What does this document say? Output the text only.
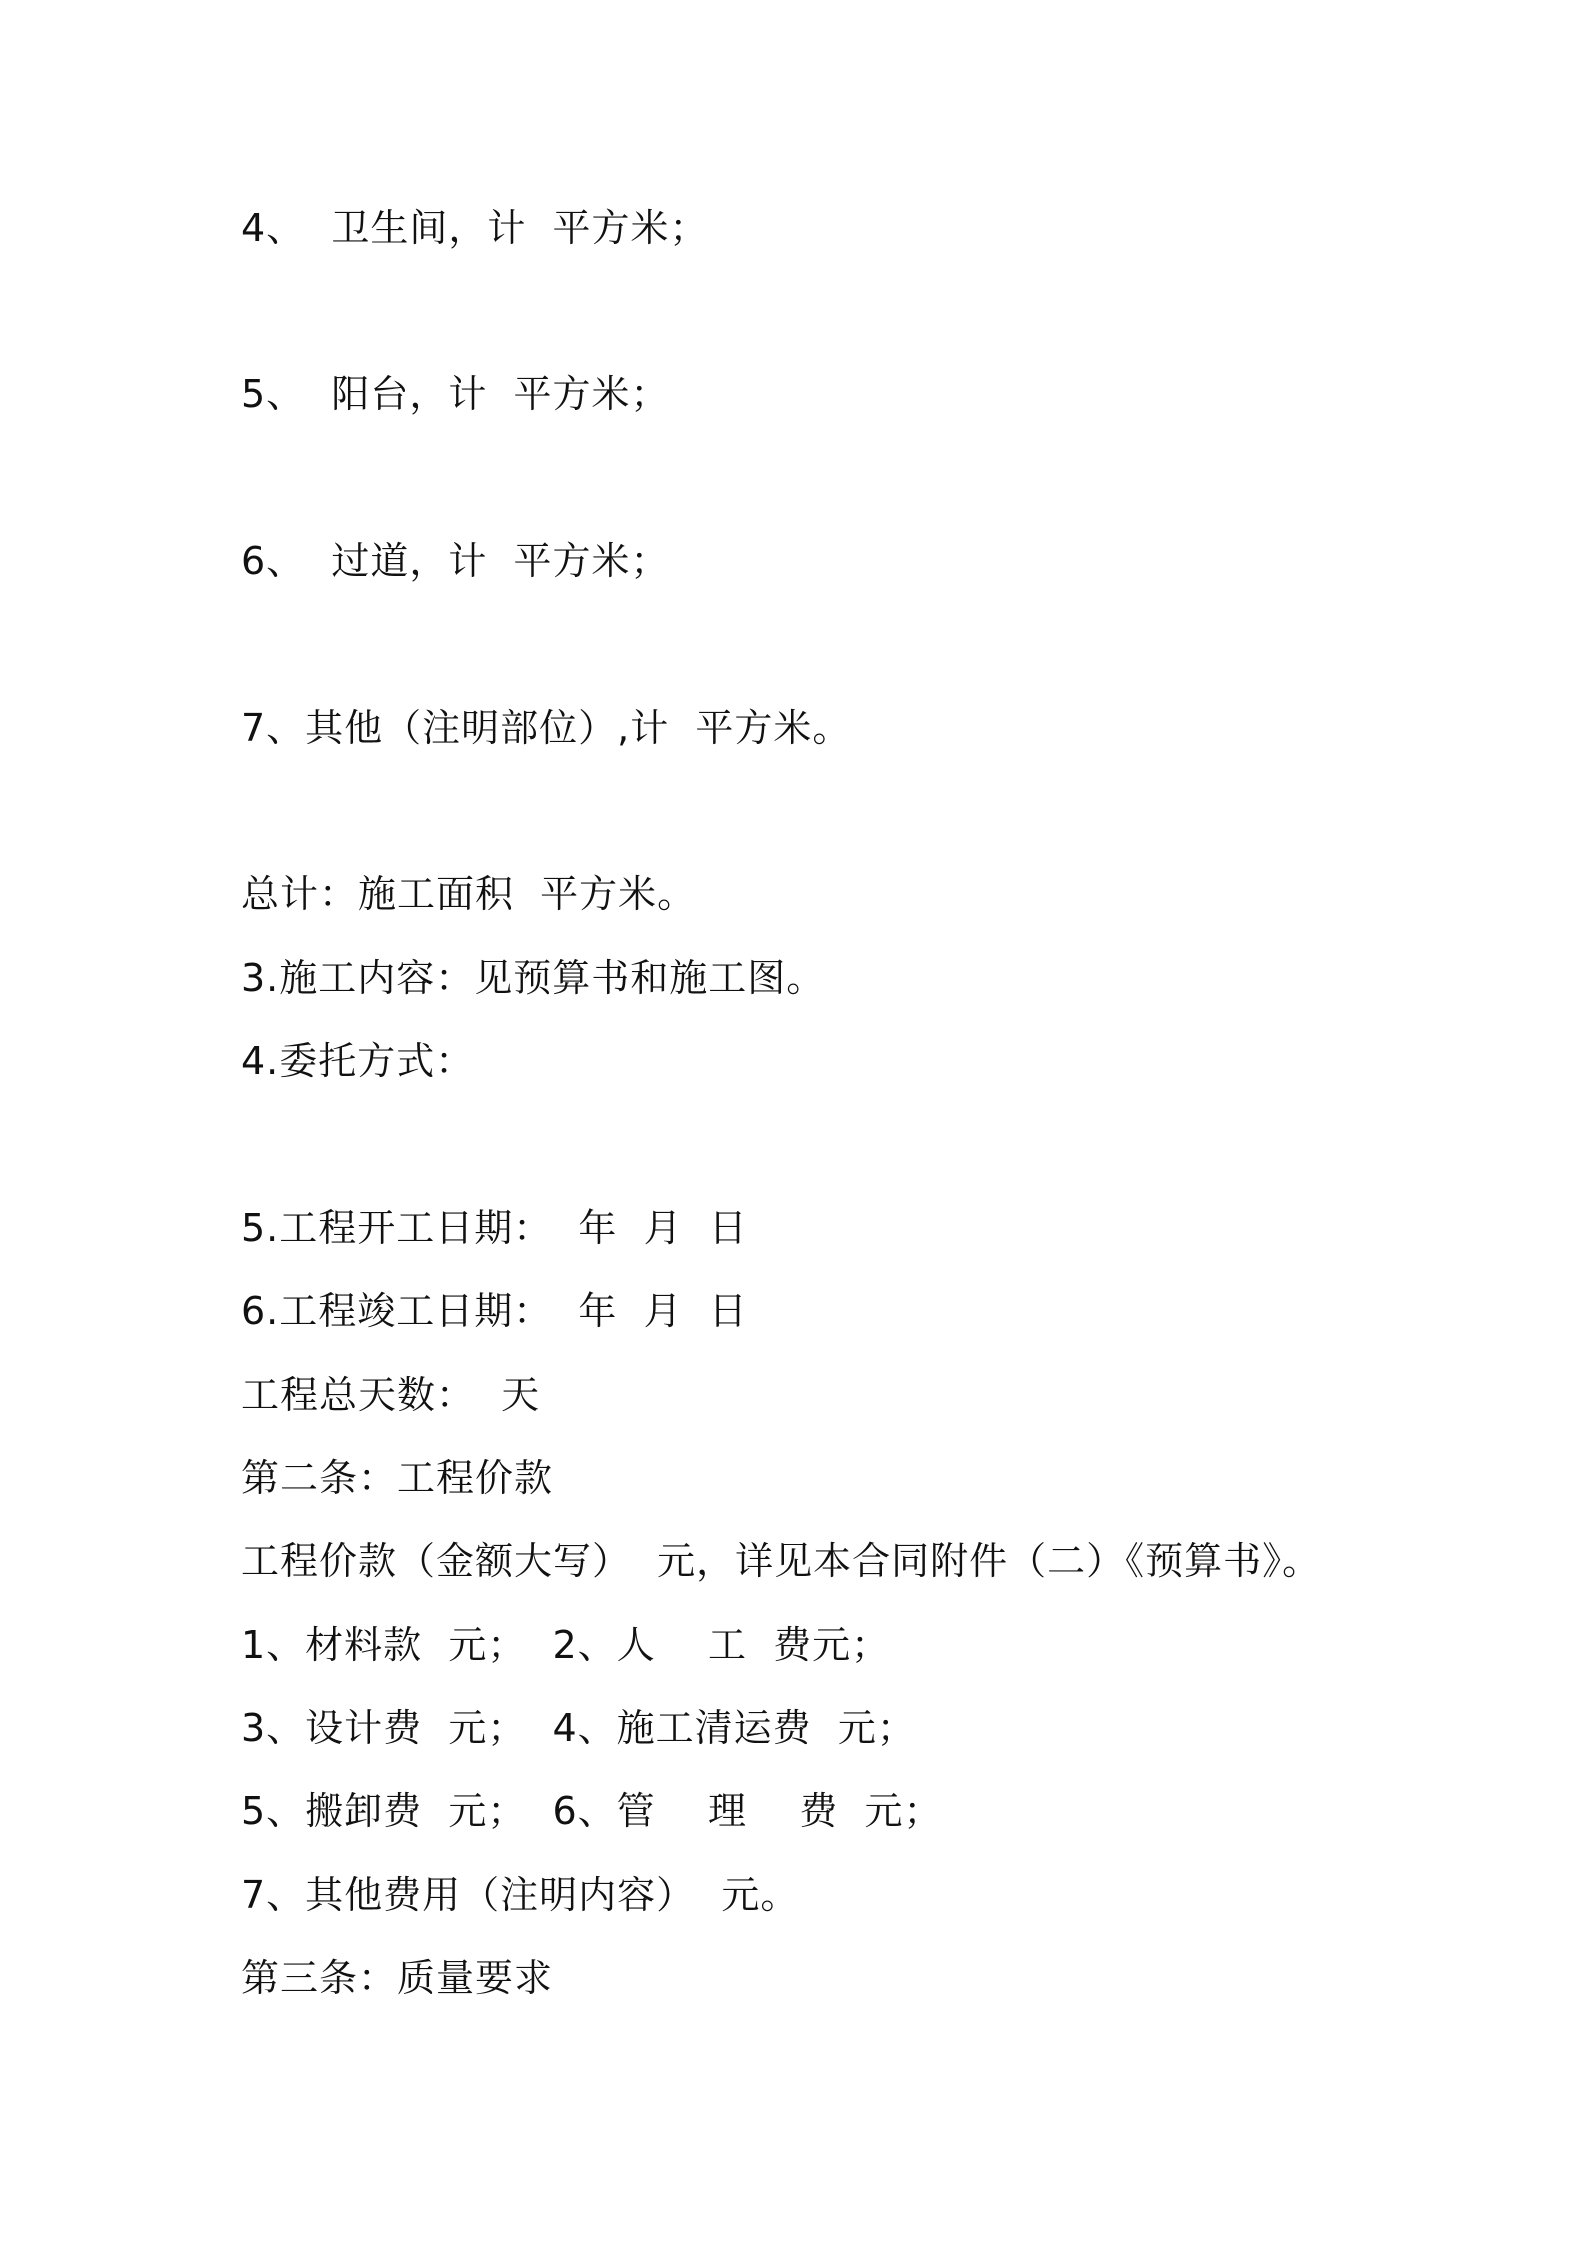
4、  卫生间，计  平方米；
5、  阳台，计  平方米；
6、  过道，计  平方米；
7、其他（注明部位）,计  平方米。
总计：施工面积  平方米。
3.施工内容：见预算书和施工图。
4.委托方式：
5.工程开工日期：  年  月  日
6.工程竣工日期：  年  月  日
工程总天数：  天
第二条：工程价款
工程价款（金额大写）  元，详见本合同附件（二）《预算书》。
1、材料款  元；  2、人    工  费元；
3、设计费  元；  4、施工清运费  元；
5、搬卸费  元；  6、管    理    费  元；
7、其他费用（注明内容）  元。
第三条：质量要求
